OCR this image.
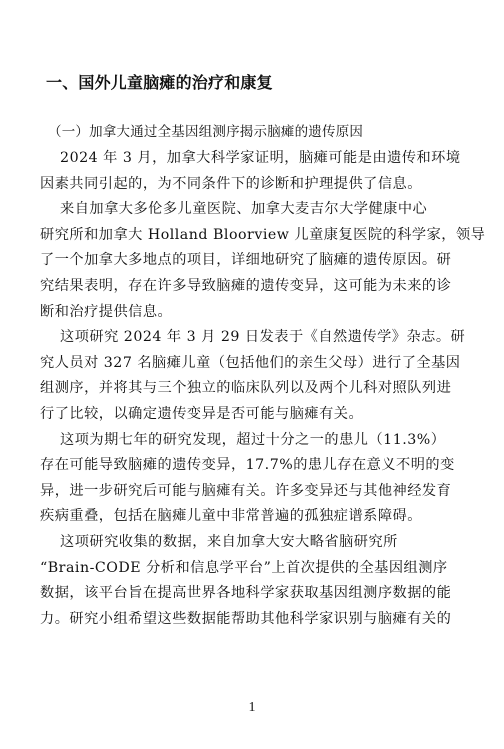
一、国外儿童脑瘫的治疗和康复
（一）加拿大通过全基因组测序揭示脑瘫的遗传原因
2024 年 3 月，加拿大科学家证明，脑瘫可能是由遗传和环境
因素共同引起的，为不同条件下的诊断和护理提供了信息。
来自加拿大多伦多儿童医院、加拿大麦吉尔大学健康中心
研究所和加拿大 Holland Bloorview 儿童康复医院的科学家，领导
了一个加拿大多地点的项目，详细地研究了脑瘫的遗传原因。研
究结果表明，存在许多导致脑瘫的遗传变异，这可能为未来的诊
断和治疗提供信息。
这项研究 2024 年 3 月 29 日发表于《自然遗传学》杂志。研
究人员对 327 名脑瘫儿童（包括他们的亲生父母）进行了全基因
组测序，并将其与三个独立的临床队列以及两个儿科对照队列进
行了比较，以确定遗传变异是否可能与脑瘫有关。
这项为期七年的研究发现，超过十分之一的患儿（11.3%）
存在可能导致脑瘫的遗传变异，17.7%的患儿存在意义不明的变
异，进一步研究后可能与脑瘫有关。许多变异还与其他神经发育
疾病重叠，包括在脑瘫儿童中非常普遍的孤独症谱系障碍。
这项研究收集的数据，来自加拿大安大略省脑研究所
“Brain-CODE 分析和信息学平台”上首次提供的全基因组测序
数据，该平台旨在提高世界各地科学家获取基因组测序数据的能
力。研究小组希望这些数据能帮助其他科学家识别与脑瘫有关的
1
